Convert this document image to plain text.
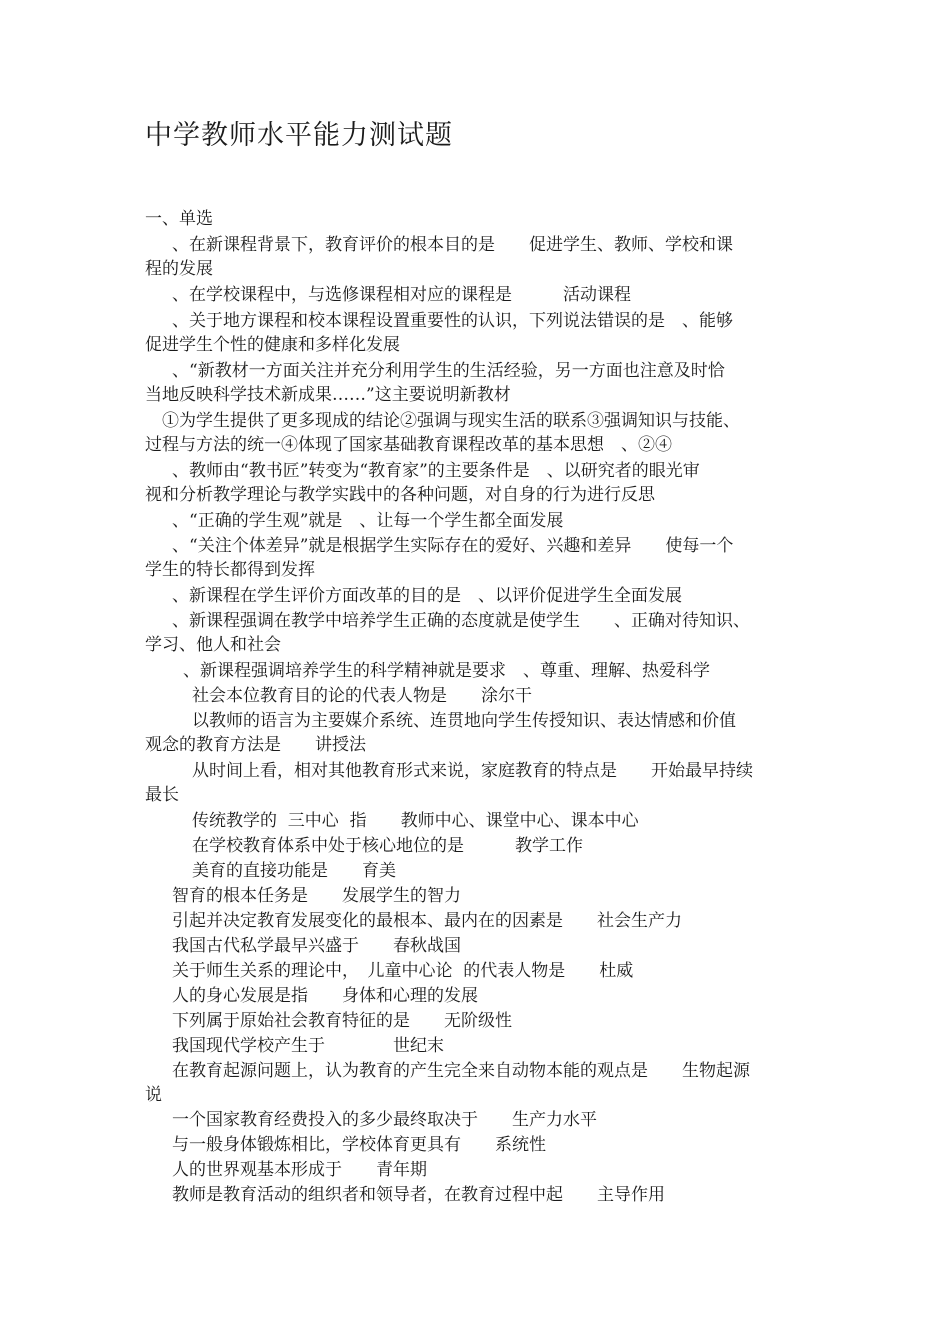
中学教师水平能力测试题
一、单选
、在新课程背景下，教育评价的根本目的是　　促进学生、教师、学校和课
程的发展
、在学校课程中，与选修课程相对应的课程是　　　活动课程
、关于地方课程和校本课程设置重要性的认识，下列说法错误的是　、能够
促进学生个性的健康和多样化发展
、“新教材一方面关注并充分利用学生的生活经验，另一方面也注意及时恰
当地反映科学技术新成果……”这主要说明新教材
①为学生提供了更多现成的结论②强调与现实生活的联系③强调知识与技能、
过程与方法的统一④体现了国家基础教育课程改革的基本思想　、②④
、教师由“教书匠”转变为“教育家”的主要条件是　、以研究者的眼光审
视和分析教学理论与教学实践中的各种问题，对自身的行为进行反思
、“正确的学生观”就是　、让每一个学生都全面发展
、“关注个体差异”就是根据学生实际存在的爱好、兴趣和差异　　使每一个
学生的特长都得到发挥
、新课程在学生评价方面改革的目的是　、以评价促进学生全面发展
、新课程强调在教学中培养学生正确的态度就是使学生　　、正确对待知识、
学习、他人和社会
、新课程强调培养学生的科学精神就是要求　、尊重、理解、热爱科学
社会本位教育目的论的代表人物是　　涂尔干
以教师的语言为主要媒介系统、连贯地向学生传授知识、表达情感和价值
观念的教育方法是　　讲授法
从时间上看，相对其他教育形式来说，家庭教育的特点是　　开始最早持续
最长
传统教学的  三中心  指　　教师中心、课堂中心、课本中心
在学校教育体系中处于核心地位的是　　　教学工作
美育的直接功能是　　育美
智育的根本任务是　　发展学生的智力
引起并决定教育发展变化的最根本、最内在的因素是　　社会生产力
我国古代私学最早兴盛于　　春秋战国
关于师生关系的理论中，　儿童中心论  的代表人物是　　杜威
人的身心发展是指　　身体和心理的发展
下列属于原始社会教育特征的是　　无阶级性
我国现代学校产生于　　　　世纪末
在教育起源问题上，认为教育的产生完全来自动物本能的观点是　　生物起源
说
一个国家教育经费投入的多少最终取决于　　生产力水平
与一般身体锻炼相比，学校体育更具有　　系统性
人的世界观基本形成于　　青年期
教师是教育活动的组织者和领导者，在教育过程中起　　主导作用
